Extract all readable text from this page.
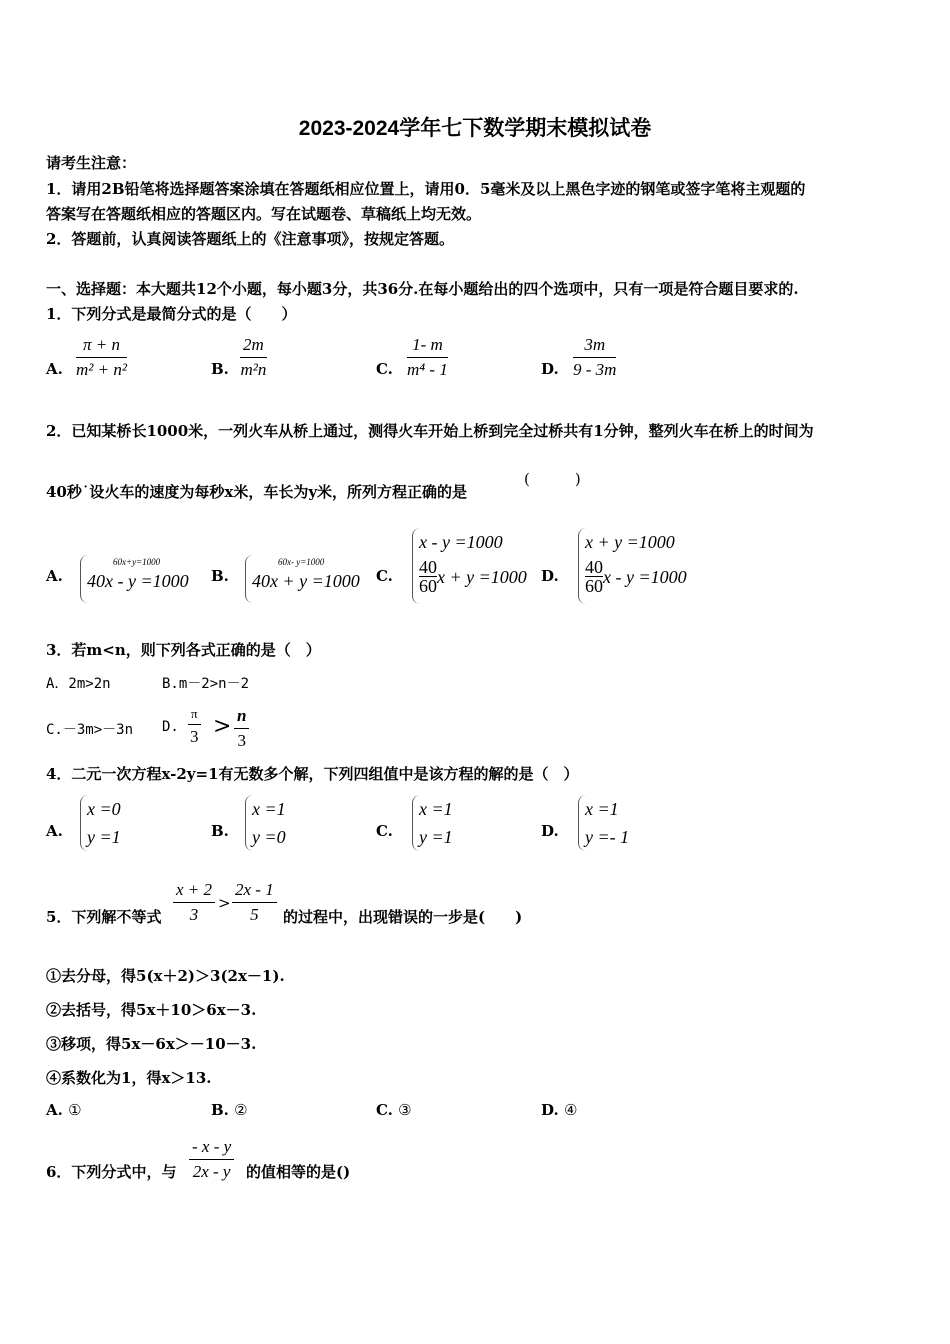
2023-2024学年七下数学期末模拟试卷
请考生注意：
1．请用2B铅笔将选择题答案涂填在答题纸相应位置上，请用0．5毫米及以上黑色字迹的钢笔或签字笔将主观题的
答案写在答题纸相应的答题区内。写在试题卷、草稿纸上均无效。
2．答题前，认真阅读答题纸上的《注意事项》，按规定答题。
一、选择题：本大题共12个小题，每小题3分，共36分.在每小题给出的四个选项中，只有一项是符合题目要求的.
1．下列分式是最简分式的是（　　）
A. $\frac{\pi + n}{\text{m² + n²}}$	B. $\frac{2m}{\text{m²n}}$	C. $\frac{1- m}{\text{m⁴ - 1}}$	D. $\frac{3m}{9 - 3m}$
2．已知某桥长1000米，一列火车从桥上通过，测得火车开始上桥到完全过桥共有1分钟，整列火车在桥上的时间为
40秒˙设火车的速度为每秒x米，车长为y米，所列方程正确的是
(　　　)
A.
60x+y=1000
40x - y =1000 B.
60x- y=1000
40x + y =1000 C.
x - y =1000
$\frac{40}{60}$ x + y =1000 D.
x + y =1000
$\frac{40}{60}$ x - y =1000
3．若m<n，则下列各式正确的是（　）
A．2m>2n	B.m－2>n－2
C.－3m>－3n D.
π
$3 > \frac{n}{3}$
4．二元一次方程x-2y=1有无数多个解，下列四组值中是该方程的解的是（　）
A.
x =0
y =1	B.
x =1
y =0	C.
x =1
y =1	D.
x =1
y =- 1
5．下列解不等式 $\frac{x + 2}{3} > \frac{2x - 1}{5}$ 的过程中，出现错误的一步是(　　)
①去分母，得5(x＋2)＞3(2x－1).
②去括号，得5x＋10＞6x－3.
③移项，得5x－6x＞－10－3.
④系数化为1，得x＞13.
A. ①	B. ②	C. ③	D. ④
6．下列分式中，与 $\frac{- x - y}{2x - y}$ 的值相等的是()
